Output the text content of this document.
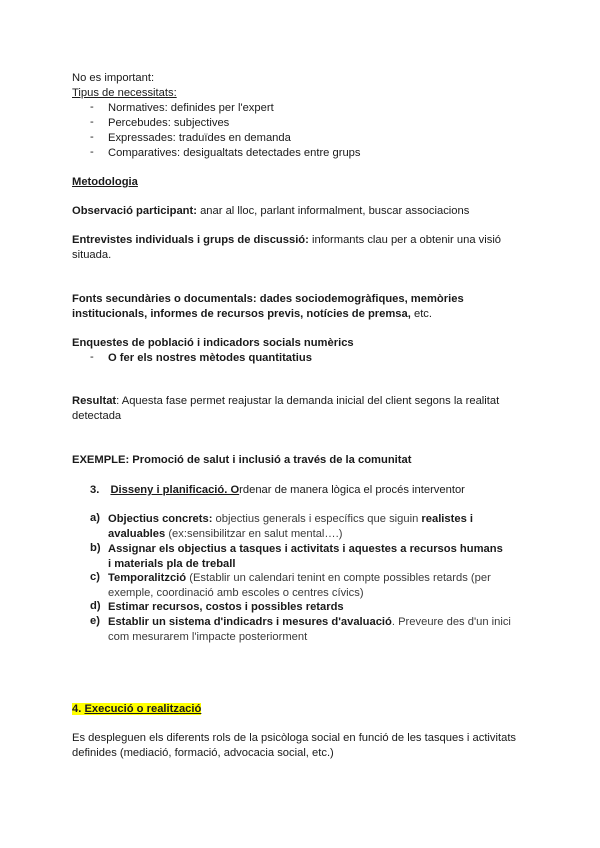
No es important:
Tipus de necessitats:
- Normatives: definides per l'expert
- Percebudes: subjectives
- Expressades: traduïdes en demanda
- Comparatives: desigualtats detectades entre grups
Metodologia
Observació participant: anar al lloc, parlant informalment, buscar associacions
Entrevistes individuals i grups de discussió: informants clau per a obtenir una visió
situada.
Fonts secundàries o documentals: dades sociodemogràfiques, memòries
institucionals, informes de recursos previs, notícies de premsa, etc.
Enquestes de població i indicadors socials numèrics
- O fer els nostres mètodes quantitatius
Resultat: Aquesta fase permet reajustar la demanda inicial del client segons la realitat
detectada
EXEMPLE: Promoció de salut i inclusió a través de la comunitat
3. Disseny i planificació. Ordenar de manera lògica el procés interventor
a) Objectius concrets: objectius generals i específics que siguin realistes i avaluables (ex:sensibilitzar en salut mental….)
b) Assignar els objectius a tasques i activitats i aquestes a recursos humans i materials pla de treball
c) Temporalitzció (Establir un calendari tenint en compte possibles retards (per exemple, coordinació amb escoles o centres cívics)
d) Estimar recursos, costos i possibles retards
e) Establir un sistema d'indicadrs i mesures d'avaluació. Preveure des d'un inici com mesurarem l'impacte posteriorment
4. Execució o realització
Es despleguen els diferents rols de la psicòloga social en funció de les tasques i activitats
definides (mediació, formació, advocacia social, etc.)
